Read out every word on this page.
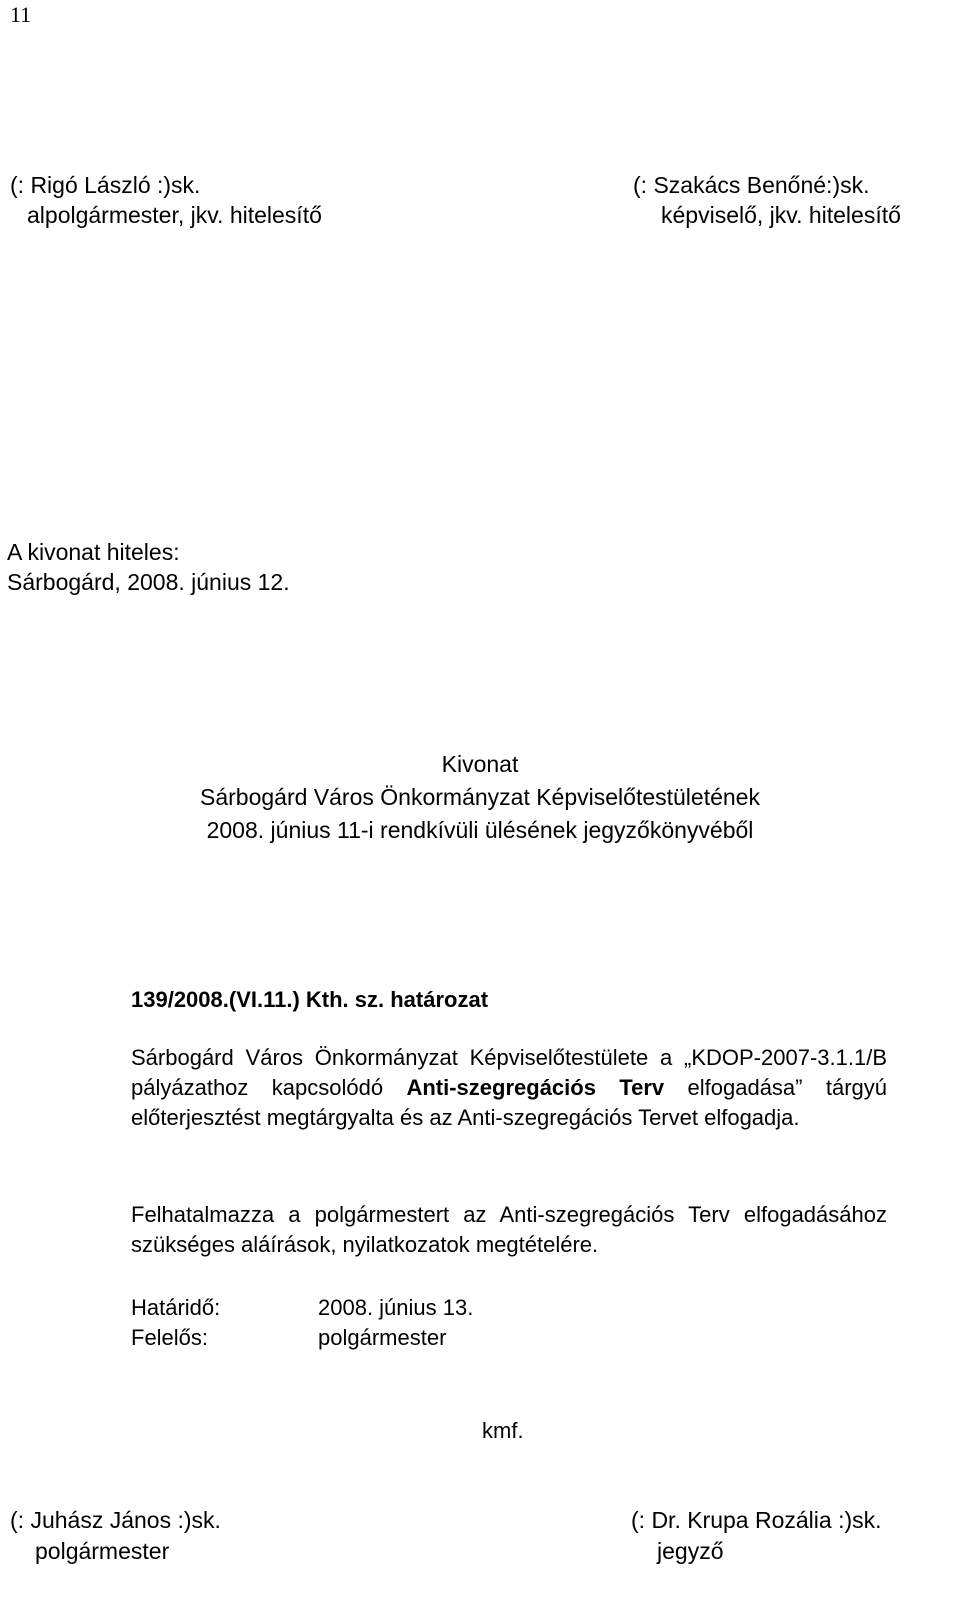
11
(: Rigó László :)sk.
alpolgármester, jkv. hitelesítő
(: Szakács Benőné:)sk.
képviselő, jkv. hitelesítő
A kivonat hiteles:
Sárbogárd, 2008. június 12.
Kivonat
Sárbogárd Város Önkormányzat Képviselőtestületének
2008. június 11-i rendkívüli ülésének jegyzőkönyvéből
139/2008.(VI.11.) Kth. sz. határozat
Sárbogárd Város Önkormányzat Képviselőtestülete a „KDOP-2007-3.1.1/B pályázathoz kapcsolódó Anti-szegregációs Terv elfogadása” tárgyú előterjesztést megtárgyalta és az Anti-szegregációs Tervet elfogadja.
Felhatalmazza a polgármestert az Anti-szegregációs Terv elfogadásához szükséges aláírások, nyilatkozatok megtételére.
Határidő:	2008. június 13.
Felelős:	polgármester
kmf.
(: Juhász János :)sk.
polgármester
(: Dr. Krupa Rozália :)sk.
jegyző
